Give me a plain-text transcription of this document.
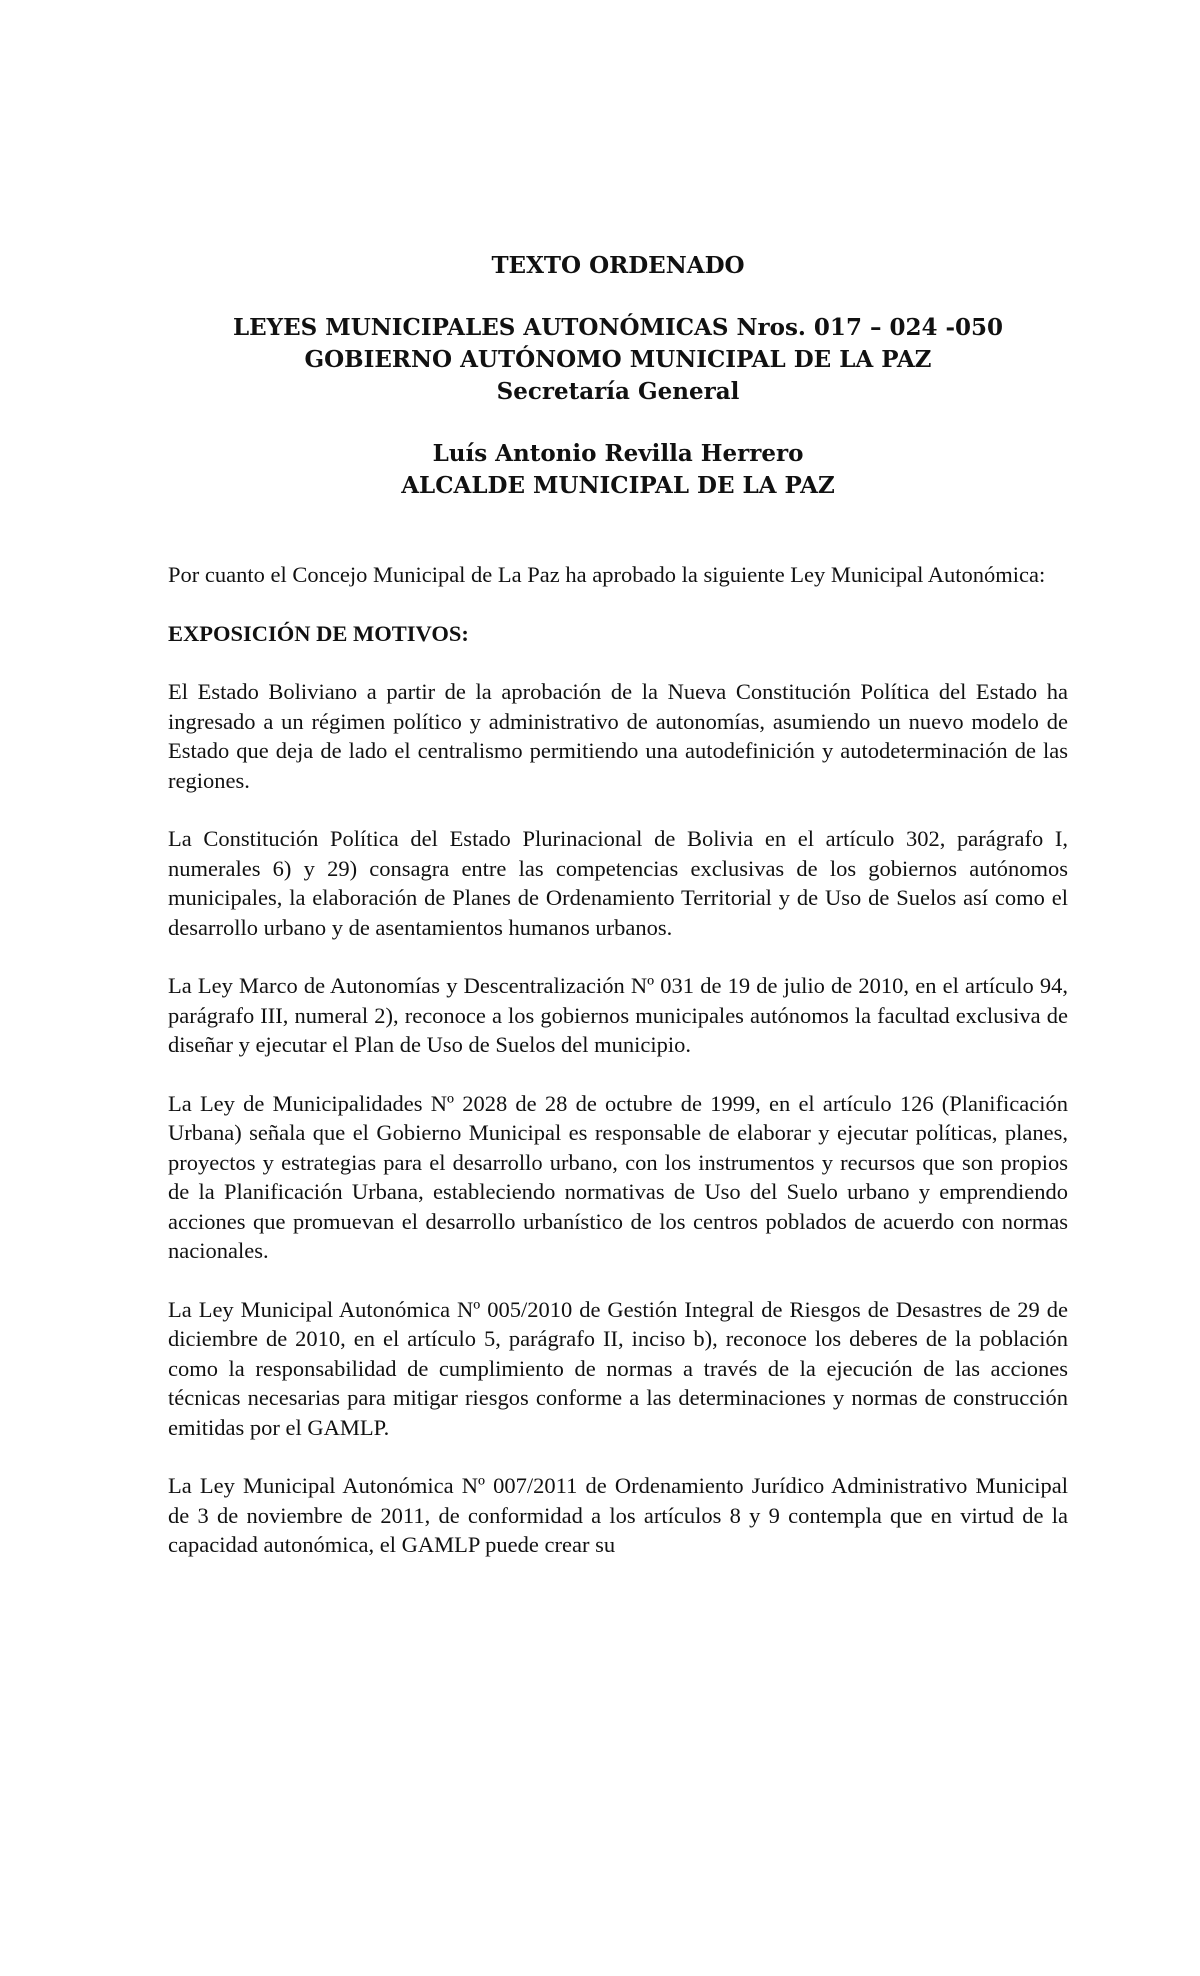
TEXTO ORDENADO

LEYES MUNICIPALES AUTONÓMICAS Nros. 017 – 024 -050

GOBIERNO AUTÓNOMO MUNICIPAL DE LA PAZ

Secretaría General

Luís Antonio Revilla Herrero

ALCALDE MUNICIPAL DE LA PAZ

Por cuanto el Concejo Municipal de La Paz ha aprobado la siguiente Ley Municipal Autonómica:

EXPOSICIÓN DE MOTIVOS:

El Estado Boliviano a partir de la aprobación de la Nueva Constitución Política del Estado ha ingresado a un régimen político y administrativo de autonomías, asumiendo un nuevo modelo de Estado que deja de lado el centralismo permitiendo una autodefinición y autodeterminación de las regiones.

La Constitución Política del Estado Plurinacional de Bolivia en el artículo 302, parágrafo I, numerales 6) y 29) consagra entre las competencias exclusivas de los gobiernos autónomos municipales, la elaboración de Planes de Ordenamiento Territorial y de Uso de Suelos así como el desarrollo urbano y de asentamientos humanos urbanos.

La Ley Marco de Autonomías y Descentralización Nº 031 de 19 de julio de 2010, en el artículo 94, parágrafo III, numeral 2), reconoce a los gobiernos municipales autónomos la facultad exclusiva de diseñar y ejecutar el Plan de Uso de Suelos del municipio.

La Ley de Municipalidades Nº 2028 de 28 de octubre de 1999, en el artículo 126 (Planificación Urbana) señala que el Gobierno Municipal es responsable de elaborar y ejecutar políticas, planes, proyectos y estrategias para el desarrollo urbano, con los instrumentos y recursos que son propios de la Planificación Urbana, estableciendo normativas de Uso del Suelo urbano y emprendiendo acciones que promuevan el desarrollo urbanístico de los centros poblados de acuerdo con normas nacionales.

La Ley Municipal Autonómica Nº 005/2010 de Gestión Integral de Riesgos de Desastres de 29 de diciembre de 2010, en el artículo 5, parágrafo II, inciso b), reconoce los deberes de la población como la responsabilidad de cumplimiento de normas a través de la ejecución de las acciones técnicas necesarias para mitigar riesgos conforme a las determinaciones y normas de construcción emitidas por el GAMLP.

La Ley Municipal Autonómica Nº 007/2011 de Ordenamiento Jurídico Administrativo Municipal de 3 de noviembre de 2011, de conformidad a los artículos 8 y 9 contempla que en virtud de la capacidad autonómica, el GAMLP puede crear su
